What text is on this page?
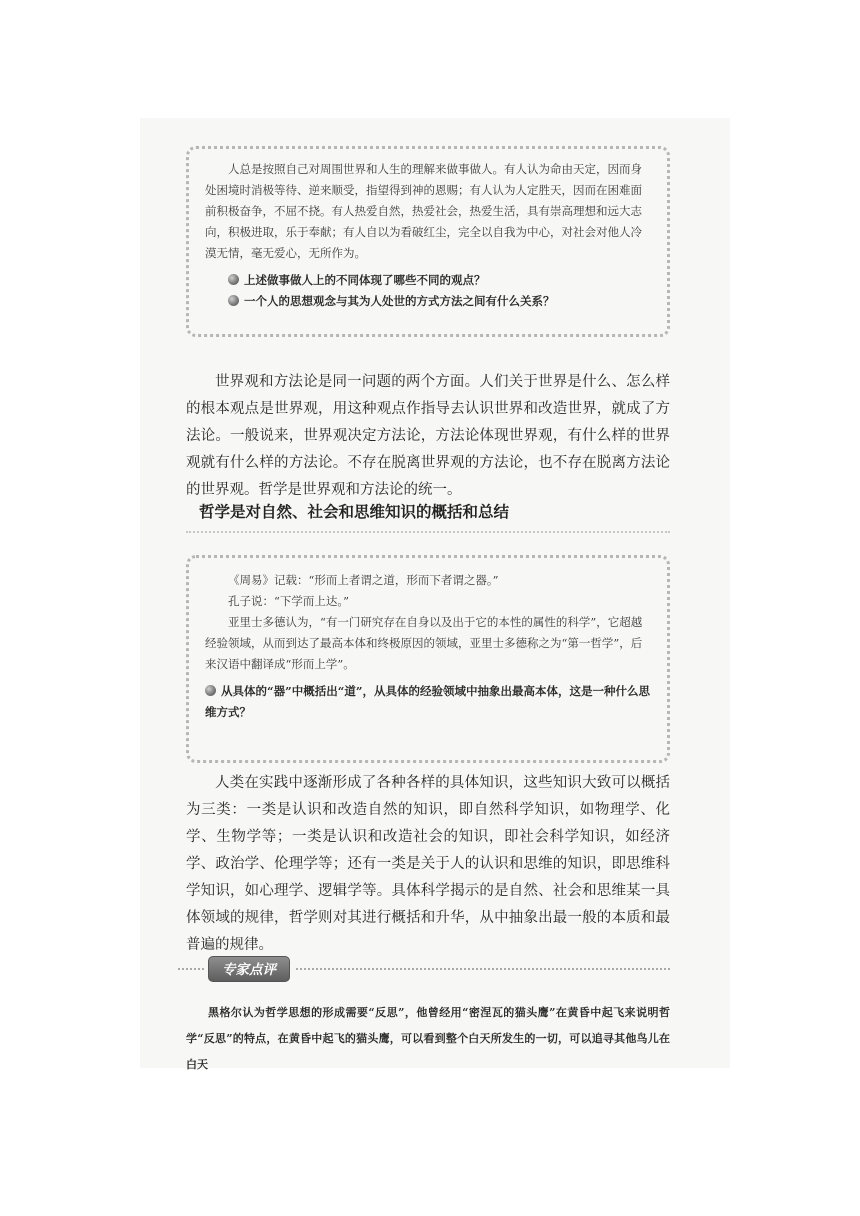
人总是按照自己对周围世界和人生的理解来做事做人。有人认为命由天定，因而身处困境时消极等待、逆来顺受，指望得到神的恩赐；有人认为人定胜天，因而在困难面前积极奋争，不屈不挠。有人热爱自然，热爱社会，热爱生活，具有崇高理想和远大志向，积极进取，乐于奉献；有人自以为看破红尘，完全以自我为中心，对社会对他人冷漠无情，毫无爱心，无所作为。

上述做事做人上的不同体现了哪些不同的观点？

一个人的思想观念与其为人处世的方式方法之间有什么关系？

世界观和方法论是同一问题的两个方面。人们关于世界是什么、怎么样的根本观点是世界观，用这种观点作指导去认识世界和改造世界，就成了方法论。一般说来，世界观决定方法论，方法论体现世界观，有什么样的世界观就有什么样的方法论。不存在脱离世界观的方法论，也不存在脱离方法论的世界观。哲学是世界观和方法论的统一。

哲学是对自然、社会和思维知识的概括和总结

《周易》记载：“形而上者谓之道，形而下者谓之器。”

孔子说：“下学而上达。”

亚里士多德认为，“有一门研究存在自身以及出于它的本性的属性的科学”，它超越经验领域，从而到达了最高本体和终极原因的领域，亚里士多德称之为“第一哲学”，后来汉语中翻译成“形而上学”。

从具体的“器”中概括出“道”，从具体的经验领域中抽象出最高本体，这是一种什么思维方式？

人类在实践中逐渐形成了各种各样的具体知识，这些知识大致可以概括为三类：一类是认识和改造自然的知识，即自然科学知识，如物理学、化学、生物学等；一类是认识和改造社会的知识，即社会科学知识，如经济学、政治学、伦理学等；还有一类是关于人的认识和思维的知识，即思维科学知识，如心理学、逻辑学等。具体科学揭示的是自然、社会和思维某一具体领域的规律，哲学则对其进行概括和升华，从中抽象出最一般的本质和最普遍的规律。

专家点评

黑格尔认为哲学思想的形成需要“反思”，他曾经用“密涅瓦的猫头鹰”在黄昏中起飞来说明哲学“反思”的特点，在黄昏中起飞的猫头鹰，可以看到整个白天所发生的一切，可以追寻其他鸟儿在白天
